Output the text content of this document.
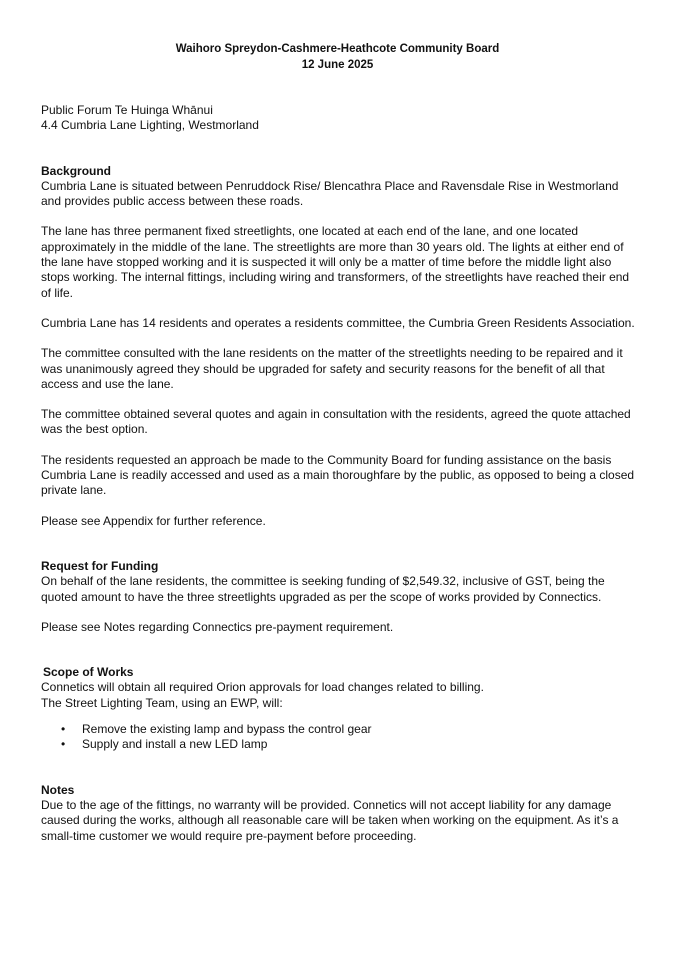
Waihoro Spreydon-Cashmere-Heathcote Community Board
12 June 2025

Public Forum Te Huinga Whānui

4.4 Cumbria Lane Lighting, Westmorland

Background

Cumbria Lane is situated between Penruddock Rise/ Blencathra Place and Ravensdale Rise in Westmorland and provides public access between these roads.

The lane has three permanent fixed streetlights, one located at each end of the lane, and one located approximately in the middle of the lane. The streetlights are more than 30 years old. The lights at either end of the lane have stopped working and it is suspected it will only be a matter of time before the middle light also stops working. The internal fittings, including wiring and transformers, of the streetlights have reached their end of life.

Cumbria Lane has 14 residents and operates a residents committee, the Cumbria Green Residents Association.

The committee consulted with the lane residents on the matter of the streetlights needing to be repaired and it was unanimously agreed they should be upgraded for safety and security reasons for the benefit of all that access and use the lane.

The committee obtained several quotes and again in consultation with the residents, agreed the quote attached was the best option.

The residents requested an approach be made to the Community Board for funding assistance on the basis Cumbria Lane is readily accessed and used as a main thoroughfare by the public, as opposed to being a closed private lane.

Please see Appendix for further reference.

Request for Funding

On behalf of the lane residents, the committee is seeking funding of $2,549.32, inclusive of GST, being the quoted amount to have the three streetlights upgraded as per the scope of works provided by Connectics.

Please see Notes regarding Connectics pre-payment requirement.

Scope of Works

Connetics will obtain all required Orion approvals for load changes related to billing.

The Street Lighting Team, using an EWP, will:

• Remove the existing lamp and bypass the control gear
• Supply and install a new LED lamp

Notes

Due to the age of the fittings, no warranty will be provided. Connetics will not accept liability for any damage caused during the works, although all reasonable care will be taken when working on the equipment. As it’s a small-time customer we would require pre-payment before proceeding.
